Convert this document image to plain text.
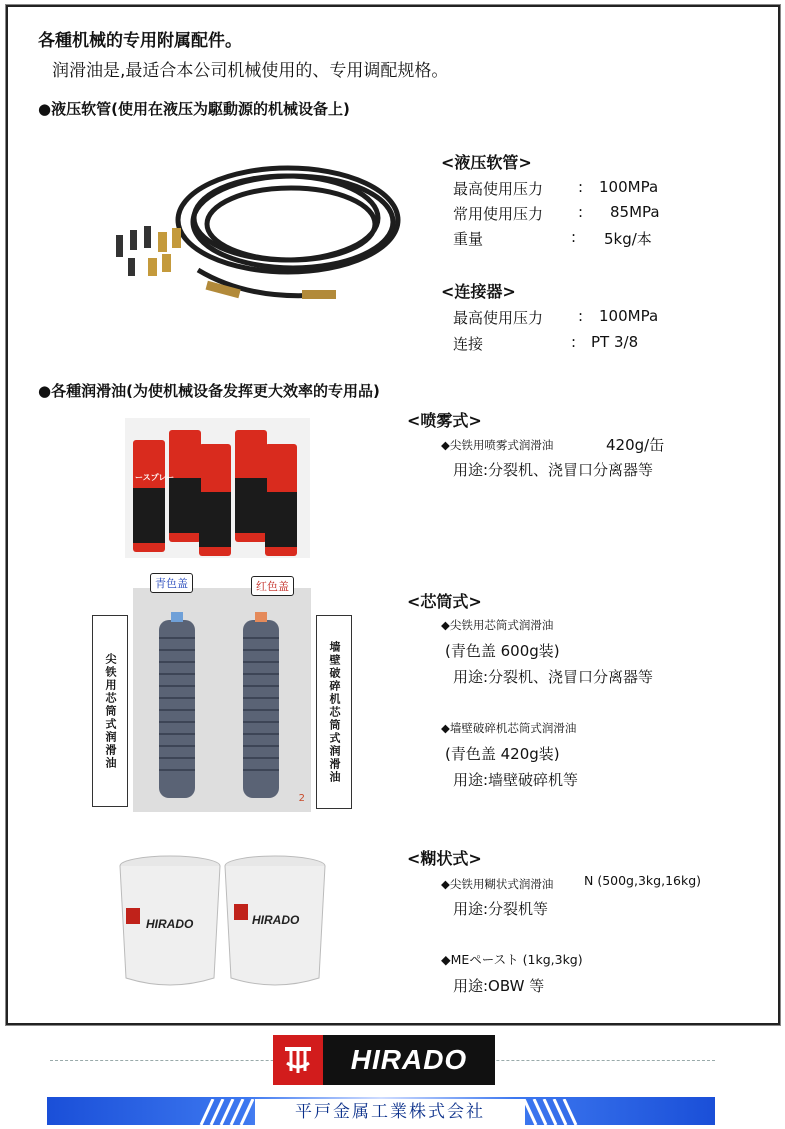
各種机械的专用附属配件。
润滑油是,最适合本公司机械使用的、专用调配规格。
●液压软管(使用在液压为駆動源的机械设备上)
<液压软管>
最高使用压力 : 100MPa
常用使用压力 : 85MPa
重量	: 5kg/本
<连接器>
最高使用压力 : 100MPa
连接	: PT 3/8
●各種润滑油(为使机械设备发挥更大效率的专用品)
ースプレー
<喷雾式>
◆尖铁用喷雾式润滑油	420g/缶
用途:分裂机、浇冒口分离器等
2
青色盖	红色盖
尖铁用芯筒式润滑油	墙壁破碎机芯筒式润滑油
<芯筒式>
◆尖铁用芯筒式润滑油
(青色盖 600g装)
用途:分裂机、浇冒口分离器等
◆墙壁破碎机芯筒式润滑油
(青色盖 420g装)
用途:墙壁破碎机等
HIRADO	HIRADO
<糊状式>
◆尖铁用糊状式润滑油 N (500g,3kg,16kg)
用途:分裂机等
◆MEペースト (1kg,3kg)
用途:OBW 等
HIRADO
平戸金属工業株式会社
